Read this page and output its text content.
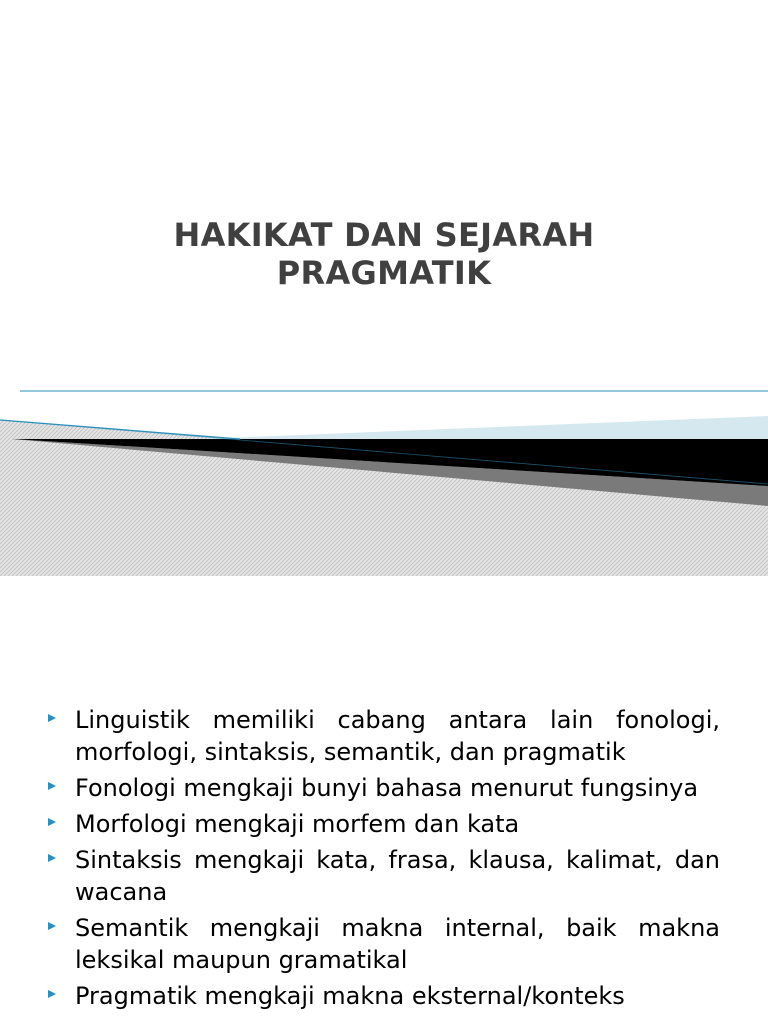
HAKIKAT DAN SEJARAH
PRAGMATIK
Linguistik memiliki cabang antara lain fonologi, morfologi, sintaksis, semantik, dan pragmatik
Fonologi mengkaji bunyi bahasa menurut fungsinya
Morfologi mengkaji morfem dan kata
Sintaksis mengkaji kata, frasa, klausa, kalimat, dan wacana
Semantik mengkaji makna internal, baik makna leksikal maupun gramatikal
Pragmatik mengkaji makna eksternal/konteks
